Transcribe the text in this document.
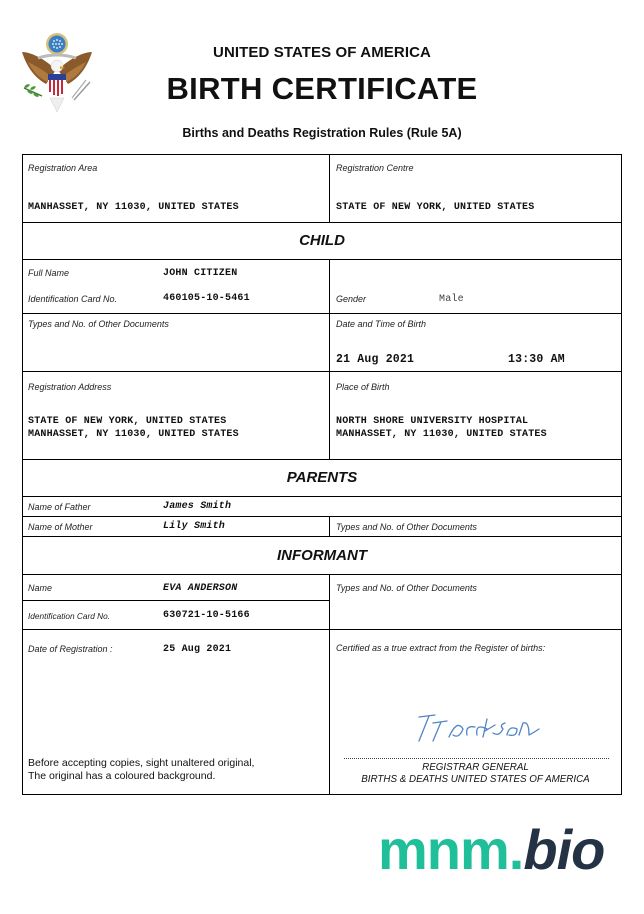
UNITED STATES OF AMERICA
BIRTH CERTIFICATE
Births and Deaths Registration Rules (Rule 5A)
Registration Area
MANHASSET, NY 11030, UNITED STATES
Registration Centre
STATE OF NEW YORK, UNITED STATES
CHILD
Full Name	JOHN CITIZEN
Identification Card No.	460105-10-5461	Gender	Male
Types and No. of Other Documents	Date and Time of Birth
21 Aug 2021	13:30 AM
Registration Address
STATE OF NEW YORK, UNITED STATES
MANHASSET, NY 11030, UNITED STATES
Place of Birth
NORTH SHORE UNIVERSITY HOSPITAL
MANHASSET, NY 11030, UNITED STATES
PARENTS
Name of Father	James Smith
Name of Mother	Lily Smith	Types and No. of Other Documents
INFORMANT
Name	EVA ANDERSON
Identification Card No.	630721-10-5166
Types and No. of Other Documents
Date of Registration :	25 Aug 2021
Before accepting copies, sight unaltered original,
The original has a coloured background.
Certified as a true extract from the Register of births:
REGISTRAR GENERAL
BIRTHS & DEATHS UNITED STATES OF AMERICA
mnm.bio
